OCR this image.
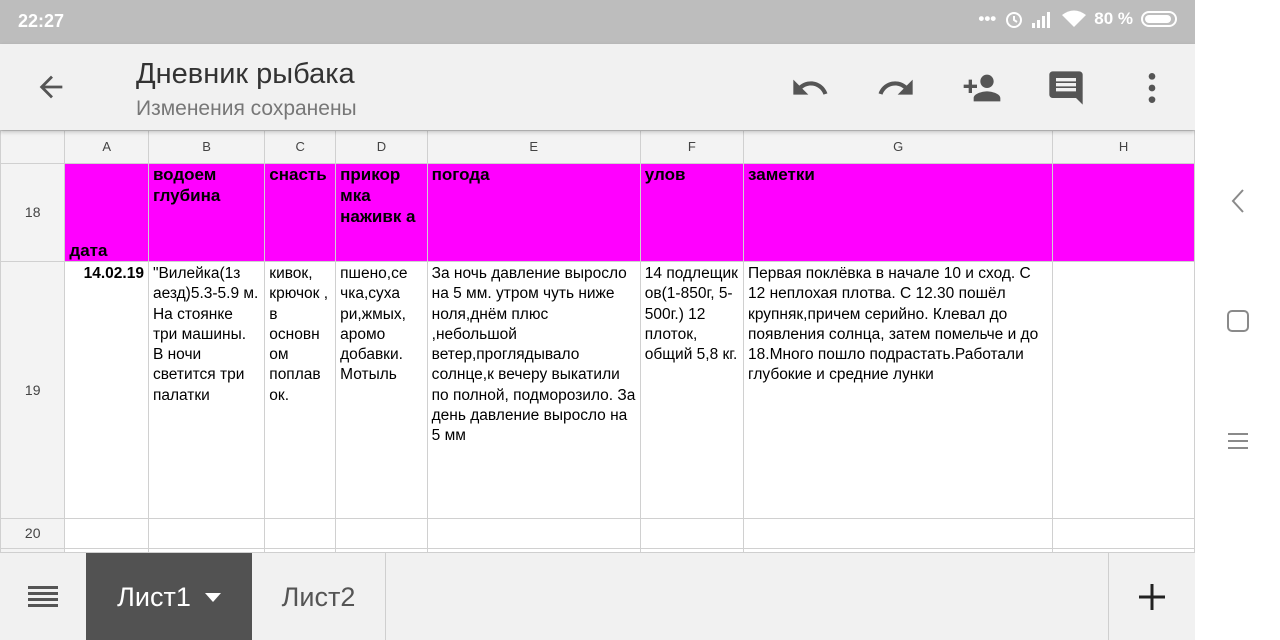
22:27	•••	80 %
Дневник рыбака
Изменения сохранены
	A	B	C	D	E	F	G	H
18	дата	водоем глубина	снасть	прикор мка наживк а	погода	улов	заметки	
19	14.02.19	"Вилейка(1з аезд)5.3-5.9 м. На стоянке три машины. В ночи светится три палатки	кивок, крючок , в основн ом поплав ок.	пшено,се чка,суха ри,жмых, аромо добавки. Мотыль	За ночь давление выросло на 5 мм. утром чуть ниже ноля,днём плюс ,небольшой ветер,проглядывало солнце,к вечеру выкатили по полной, подморозило. За день давление выросло на 5 мм	14 подлещик ов(1-850г, 5- 500г.) 12 плоток, общий 5,8 кг.	Первая поклёвка в начале 10 и сход. С 12 неплохая плотва. С 12.30 пошёл крупняк,причем серийно. Клевал до появления солнца, затем помельче и до 18.Много пошло подрастать.Работали глубокие и средние лунки	
20								

Лист1	Лист2
